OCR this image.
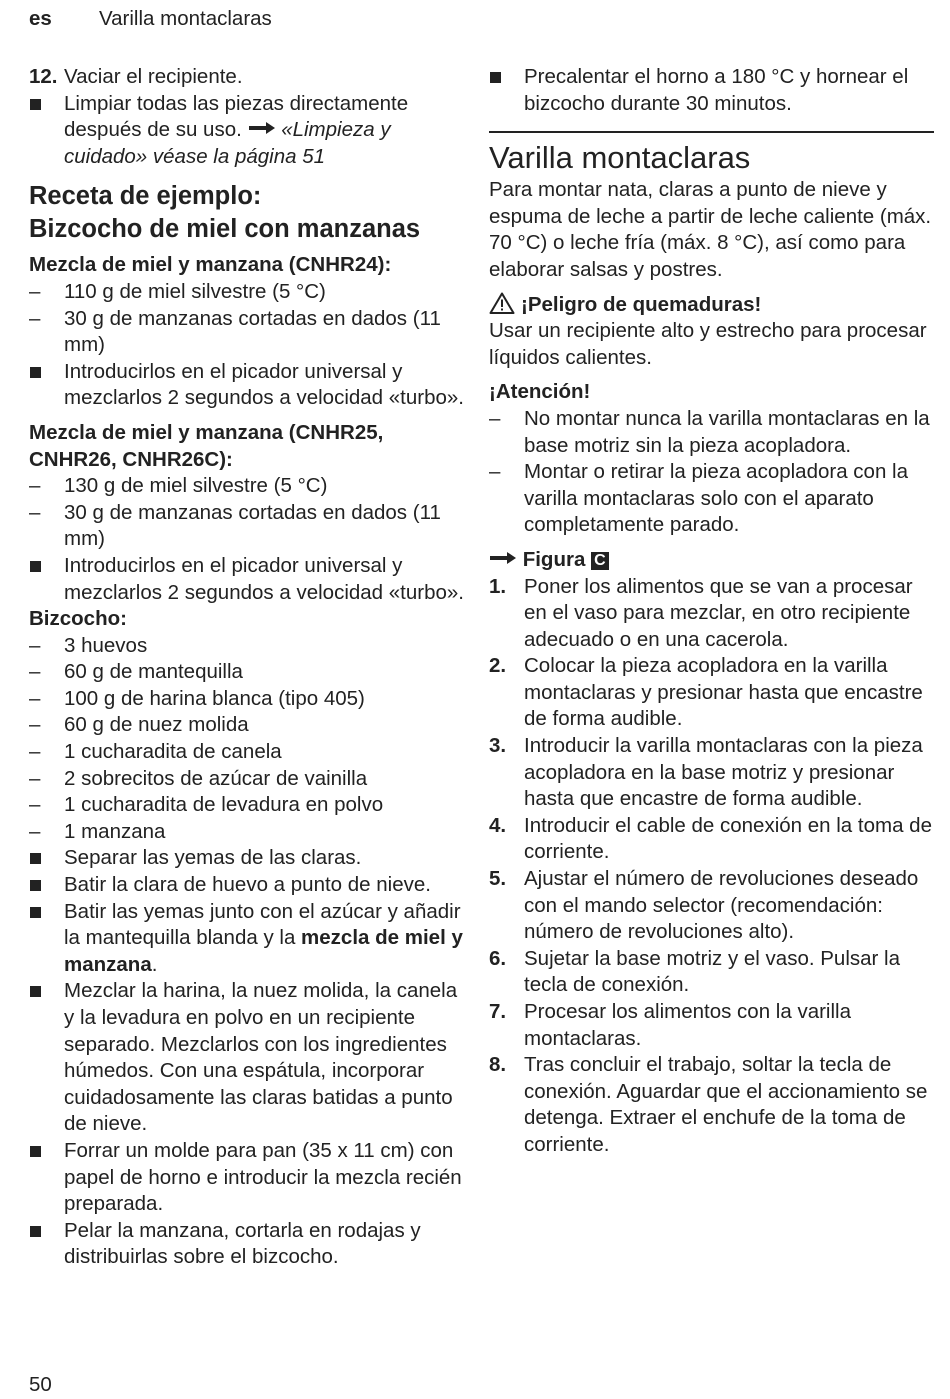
es Varilla montaclaras

12. Vaciar el recipiente.

Limpiar todas las piezas directamente después de su uso.  «Limpieza y cuidado» véase la página 51

Receta de ejemplo:
Bizcocho de miel con manzanas
Mezcla de miel y manzana (CNHR24):

–	110 g de miel silvestre (5 °C)

–	30 g de manzanas cortadas en dados (11 mm)

Introducirlos en el picador universal y mezclarlos 2 segundos a velocidad «turbo».

Mezcla de miel y manzana (CNHR25, CNHR26, CNHR26C):

–	130 g de miel silvestre (5 °C)

–	30 g de manzanas cortadas en dados (11 mm)

Introducirlos en el picador universal y mezclarlos 2 segundos a velocidad «turbo».

Bizcocho:

–	3 huevos

–	60 g de mantequilla

–	100 g de harina blanca (tipo 405)

–	60 g de nuez molida

–	1 cucharadita de canela

–	2 sobrecitos de azúcar de vainilla

–	1 cucharadita de levadura en polvo

–	1 manzana

Separar las yemas de las claras.

Batir la clara de huevo a punto de nieve.

Batir las yemas junto con el azúcar y añadir la mantequilla blanda y la mezcla de miel y manzana.

Mezclar la harina, la nuez molida, la canela y la levadura en polvo en un recipiente separado. Mezclarlos con los ingredientes húmedos. Con una espátula, incorporar cuidadosamente las claras batidas a punto de nieve.

Forrar un molde para pan (35 x 11 cm) con papel de horno e introducir la mezcla recién preparada.

Pelar la manzana, cortarla en rodajas y distribuirlas sobre el bizcocho.

Precalentar el horno a 180 °C y hornear el bizcocho durante 30 minutos.

Varilla montaclaras
Para montar nata, claras a punto de nieve y espuma de leche a partir de leche caliente (máx. 70 °C) o leche fría (máx. 8 °C), así como para elaborar salsas y postres.
¡Peligro de quemaduras!
Usar un recipiente alto y estrecho para procesar líquidos calientes.
¡Atención!

–	No montar nunca la varilla montaclaras en la base motriz sin la pieza acopladora.

–	Montar o retirar la pieza acopladora con la varilla montaclaras solo con el aparato completamente parado.

Figura C

1. Poner los alimentos que se van a procesar en el vaso para mezclar, en otro recipiente adecuado o en una cacerola.

2. Colocar la pieza acopladora en la varilla montaclaras y presionar hasta que encastre de forma audible.

3. Introducir la varilla montaclaras con la pieza acopladora en la base motriz y presionar hasta que encastre de forma audible.

4. Introducir el cable de conexión en la toma de corriente.

5. Ajustar el número de revoluciones deseado con el mando selector (recomendación: número de revoluciones alto).

6. Sujetar la base motriz y el vaso. Pulsar la tecla de conexión.

7. Procesar los alimentos con la varilla montaclaras.

8. Tras concluir el trabajo, soltar la tecla de conexión. Aguardar que el accionamiento se detenga. Extraer el enchufe de la toma de corriente.

50
